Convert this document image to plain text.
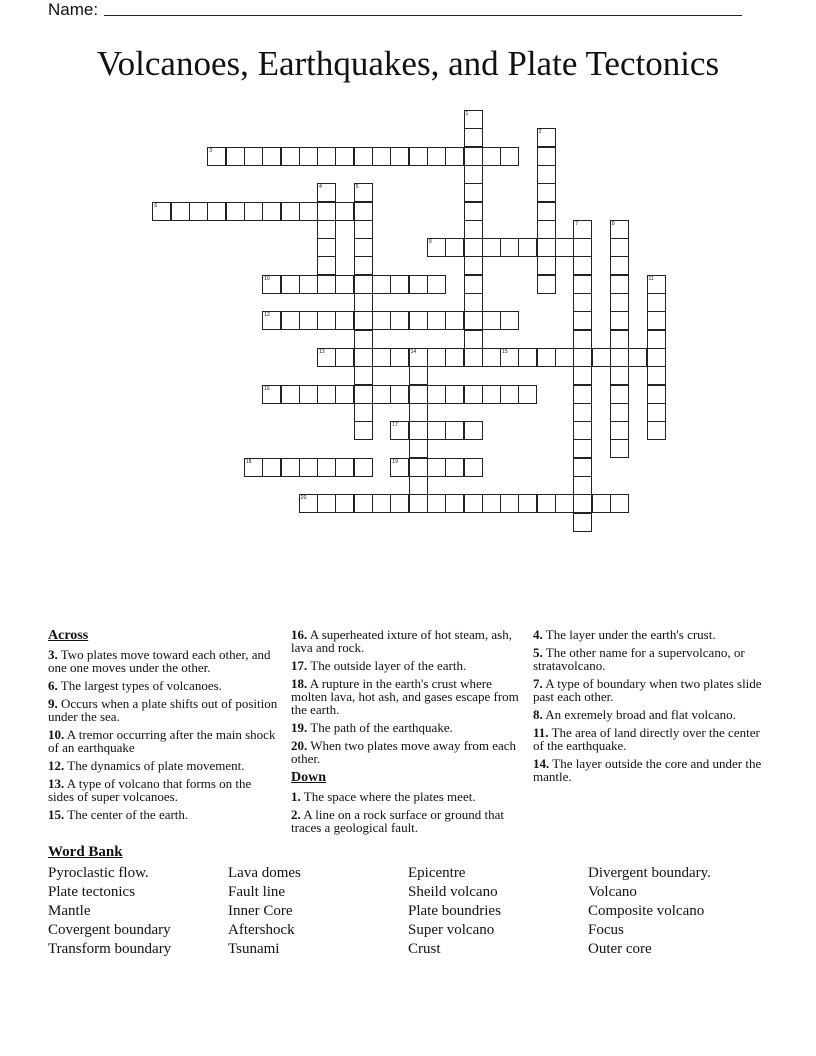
Name:
Volcanoes, Earthquakes, and Plate Tectonics
1
2
3
4	5
6
7	8
9
10	11
12
13	14	15
16
17
18	19
20
Across
3. Two plates move toward each other, and one one moves under the other.
6. The largest types of volcanoes.
9. Occurs when a plate shifts out of position under the sea.
10. A tremor occurring after the main shock of an earthquake
12. The dynamics of plate movement.
13. A type of volcano that forms on the sides of super volcanoes.
15. The center of the earth.
16. A superheated ixture of hot steam, ash, lava and rock.
17. The outside layer of the earth.
18. A rupture in the earth's crust where molten lava, hot ash, and gases escape from the earth.
19. The path of the earthquake.
20. When two plates move away from each other.
Down
1. The space where the plates meet.
2. A line on a rock surface or ground that traces a geological fault.
4. The layer under the earth's crust.
5. The other name for a supervolcano, or stratavolcano.
7. A type of boundary when two plates slide past each other.
8. An exremely broad and flat volcano.
11. The area of land directly over the center of the earthquake.
14. The layer outside the core and under the mantle.
Word Bank
Pyroclastic flow.
Plate tectonics
Mantle
Covergent boundary
Transform boundary
Lava domes
Fault line
Inner Core
Aftershock
Tsunami
Epicentre
Sheild volcano
Plate boundries
Super volcano
Crust
Divergent boundary.
Volcano
Composite volcano
Focus
Outer core
